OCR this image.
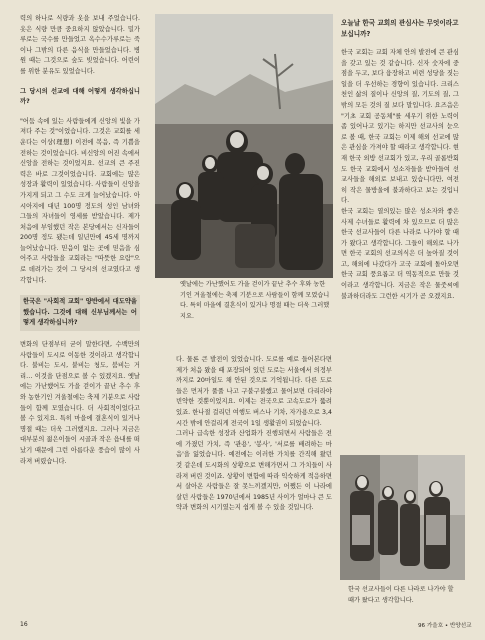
력의 하나로 식량과 옷을 보내 주었습니다. 옷은 식량 만큼 중요하지 않았습니다. 밀가루로는 국수를 만들었고 옥수수가루로는 죽이나 그밖의 다른 음식을 만들었습니다. 병원 때는 그것으로 숲도 빚었습니다. 어린이를 위한 분유도 있었습니다.

그 당시의 선교에 대해 어떻게 생각하십니까?

"어둠 속에 있는 사람들에게 신앙의 빛을 가져다 주는 것"이었습니다. 그것은 교회를 세운다는 이상(理想) 이전에 복음, 즉 기쁨을 전하는 것이었습니다. 비신앙의 어진 속에서 신앙을 전하는 것이었지요. 선교의 큰 주진력은 바로 그것이었습니다. 교회에는 많은 성장과 활력이 있었습니다. 사람들이 신앙을 가지게 되고 그 수도 크게 늘어났습니다. 아시아지에 대년 100명 정도의 성인 남녀와 그들의 자녀들이 영세를 받았습니다. 제가 처음에 부임했던 작은 본당에서는 신자들이 200명 정도 됐는데 일년만에 45세 명까지 늘어났습니다. 믿음이 없는 곳에 믿음을 심어주고 사람들을 교회라는 "따뜻한 요람"으로 데려가는 것이 그 당시의 선교였다고 생각합니다.

한국은 "사회적 교회" 양반에서 대도약을 했습니다. 그것에 대해 신부님께서는 어떻게 생각하십니까?

변화의 단점부터 굳이 말한다면, 수백만의 사람들이 도시로 이동한 것이라고 생각합니다. 불비는 도시, 붙비는 청도, 붐비는 거리… 이것을 단점으로 볼 수 있겠지요. 옛날에는 가난했어도 가을 걷이가 끝난 추수 후와 농한기인 겨울철에는 축제 기분으로 사람들이 함께 모였습니다. 더 사회적이었다고 볼 수 있지요. 특히 마을에 결혼식이 있거나 명절 때는 더욱 그러했지요. 그러나 지금은 대부분의 젊은이들이 시골과 작은 읍내를 떠났기 때문에 그런 아름다운 풍습이 많이 사라져 버렸습니다.

옛날에는 가난했어도 가을 걷이가 끝난 추수 후와 농한기인 겨울철에는 축제 기분으로 사람들이 함께 모였습니다. 특히 마을에 결혼식이 있거나 명절 때는 더욱 그러했지요.

다. 물론 큰 발전이 있었습니다. 도로를 예로 들어본다면 제가 처음 왔을 때 포장되어 있던 도로는 서울에서 의정부까지로 20마일도 채 안된 것으로 기억됩니다. 다른 도로들은 먼저가 풀풀 나고 구불구불했고 물어보면 다리라야 빈약한 것뿐이었지요. 이제는 전국으로 고속도로가 뚫려있죠. 한나절 걸리던 여행도 버스나 기차, 자가용으로 3,4시간 밖에 안걸리게 전국이 1일 생활권이 되었습니다.

그러나 급속한 성장과 산업화가 진행되면서 사람들은 전에 가졌던 가치, 즉 '관용', '봉사', '서로를 배려하는 마음'을 잃었습니다. 예전에는 이러한 가치를 간직해 왔던 것 같은데 도시화의 상황으로 변해가면서 그 가치들이 사라져 버린 것이죠. 상황이 변함에 따라 익숙하게 적응하면서 살아온 사람들은 잘 못느끼겠지만, 어쨌든 이 나라에 살던 사람들은 1970년에서 1985년 사이가 얼마나 큰 도약과 변화의 시기였는지 쉽게 볼 수 있을 것입니다.

오늘날 한국 교회의 관심사는 무엇이라고 보십니까?

한국 교회는 교회 자체 안의 발전에 큰 관심을 갖고 있는 것 같습니다. 신자 숫자에 중점을 두고, 보다 융장하고 비련 성당을 짓는 일을 더 우선하는 경향이 있습니다. 크리스천인 삶의 질이나 신앙의 질, 기도의 질, 그밖의 모든 것의 질 보다 말입니다. 요즈음은 "기초 교회 공동체"를 세우기 위한 노력이 좀 있어나고 있기는 하지만 선교사의 눈으로 볼 때, 한국 교회는 이제 해외 선교에 많은 관심을 가져야 할 때라고 생각합니다. 현재 한국 외방 선교회가 있고, 우리 골롬반회도 한국 교회에서 성소자들을 받아들여 선교사들을 해외로 보내고 있습니다만, 여전히 작은 물방울에 불과하다고 보는 것입니다.

한국 교회는 열의있는 많은 성소자와 좋은 사제 수녀들로 활력에 차 있으므로 더 많은 한국 선교사들이 다른 나라로 나가야 할 때가 왔다고 생각합니다. 그들이 해외로 나가면 한국 교회의 선교의식은 더 높아질 것이고, 해외에 나갔다가 고국 교회에 돌아오면 한국 교회 풍요롭고 더 역동적으로 만들 것이라고 생각합니다. 지금은 작은 물줏씨에 불과하더라도 그런한 시기가 곧 오겠지요.

한국 선교사들이 다른 나라로 나가야 할 때가 왔다고 생각합니다.
16	96 가을호 • 반양선교
